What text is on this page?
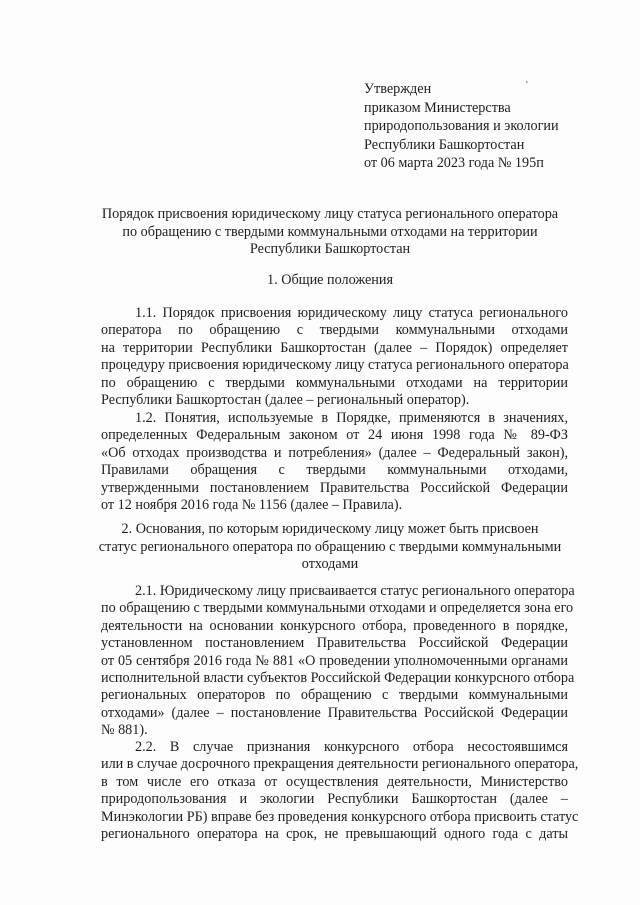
Утвержден
приказом Министерства
природопользования и экологии
Республики Башкортостан
от 06 марта 2023 года № 195п
'
Порядок присвоения юридическому лицу статуса регионального оператора
по обращению с твердыми коммунальными отходами на территории
Республики Башкортостан
1. Общие положения
1.1. Порядок присвоения юридическому лицу статуса регионального
оператора по обращению с твердыми коммунальными отходами
на территории Республики Башкортостан (далее – Порядок) определяет
процедуру присвоения юридическому лицу статуса регионального оператора
по обращению с твердыми коммунальными отходами на территории
Республики Башкортостан (далее – региональный оператор).
1.2. Понятия, используемые в Порядке, применяются в значениях,
определенных Федеральным законом от 24 июня 1998 года № 89-ФЗ
«Об отходах производства и потребления» (далее – Федеральный закон),
Правилами обращения с твердыми коммунальными отходами,
утвержденными постановлением Правительства Российской Федерации
от 12 ноября 2016 года № 1156 (далее – Правила).
2. Основания, по которым юридическому лицу может быть присвоен
статус регионального оператора по обращению с твердыми коммунальными
отходами
2.1. Юридическому лицу присваивается статус регионального оператора
по обращению с твердыми коммунальными отходами и определяется зона его
деятельности на основании конкурсного отбора, проведенного в порядке,
установленном постановлением Правительства Российской Федерации
от 05 сентября 2016 года № 881 «О проведении уполномоченными органами
исполнительной власти субъектов Российской Федерации конкурсного отбора
региональных операторов по обращению с твердыми коммунальными
отходами» (далее – постановление Правительства Российской Федерации
№ 881).
2.2. В случае признания конкурсного отбора несостоявшимся
или в случае досрочного прекращения деятельности регионального оператора,
в том числе его отказа от осуществления деятельности, Министерство
природопользования и экологии Республики Башкортостан (далее –
Минэкологии РБ) вправе без проведения конкурсного отбора присвоить статус
регионального оператора на срок, не превышающий одного года с даты
